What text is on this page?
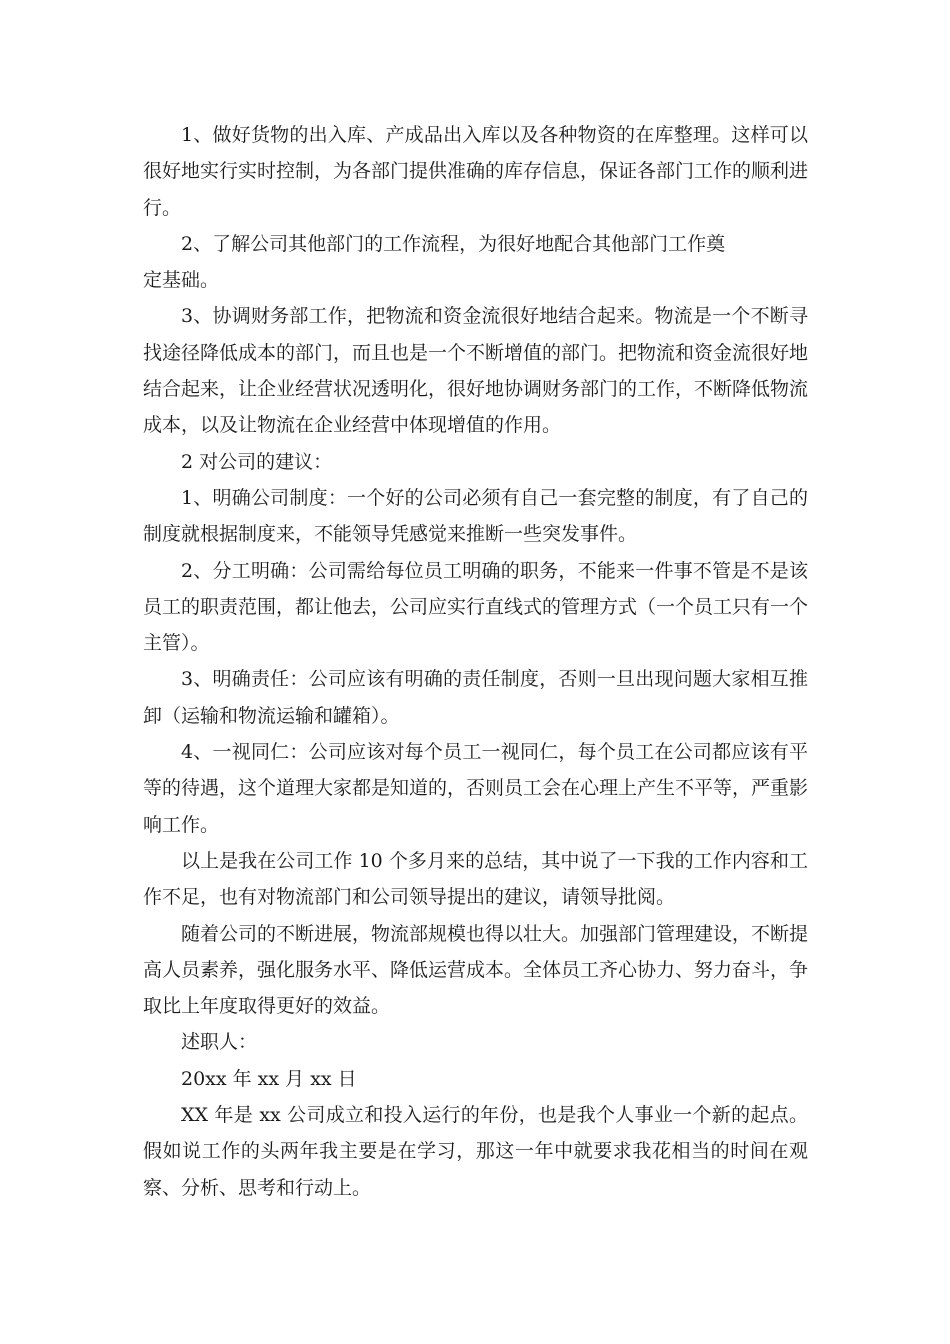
1、做好货物的出入库、产成品出入库以及各种物资的在库整理。这样可以很好地实行实时控制，为各部门提供准确的库存信息，保证各部门工作的顺利进行。

2、了解公司其他部门的工作流程，为很好地配合其他部门工作奠

定基础。

3、协调财务部工作，把物流和资金流很好地结合起来。物流是一个不断寻找途径降低成本的部门，而且也是一个不断增值的部门。把物流和资金流很好地结合起来，让企业经营状况透明化，很好地协调财务部门的工作，不断降低物流成本，以及让物流在企业经营中体现增值的作用。

2 对公司的建议：

1、明确公司制度：一个好的公司必须有自己一套完整的制度，有了自己的制度就根据制度来，不能领导凭感觉来推断一些突发事件。

2、分工明确：公司需给每位员工明确的职务，不能来一件事不管是不是该员工的职责范围，都让他去，公司应实行直线式的管理方式（一个员工只有一个主管）。

3、明确责任：公司应该有明确的责任制度，否则一旦出现问题大家相互推卸（运输和物流运输和罐箱）。

4、一视同仁：公司应该对每个员工一视同仁，每个员工在公司都应该有平等的待遇，这个道理大家都是知道的，否则员工会在心理上产生不平等，严重影响工作。

以上是我在公司工作 10 个多月来的总结，其中说了一下我的工作内容和工作不足，也有对物流部门和公司领导提出的建议，请领导批阅。

随着公司的不断进展，物流部规模也得以壮大。加强部门管理建设，不断提高人员素养，强化服务水平、降低运营成本。全体员工齐心协力、努力奋斗，争取比上年度取得更好的效益。

述职人：

20xx 年 xx 月 xx 日

XX 年是 xx 公司成立和投入运行的年份，也是我个人事业一个新的起点。假如说工作的头两年我主要是在学习，那这一年中就要求我花相当的时间在观察、分析、思考和行动上。
